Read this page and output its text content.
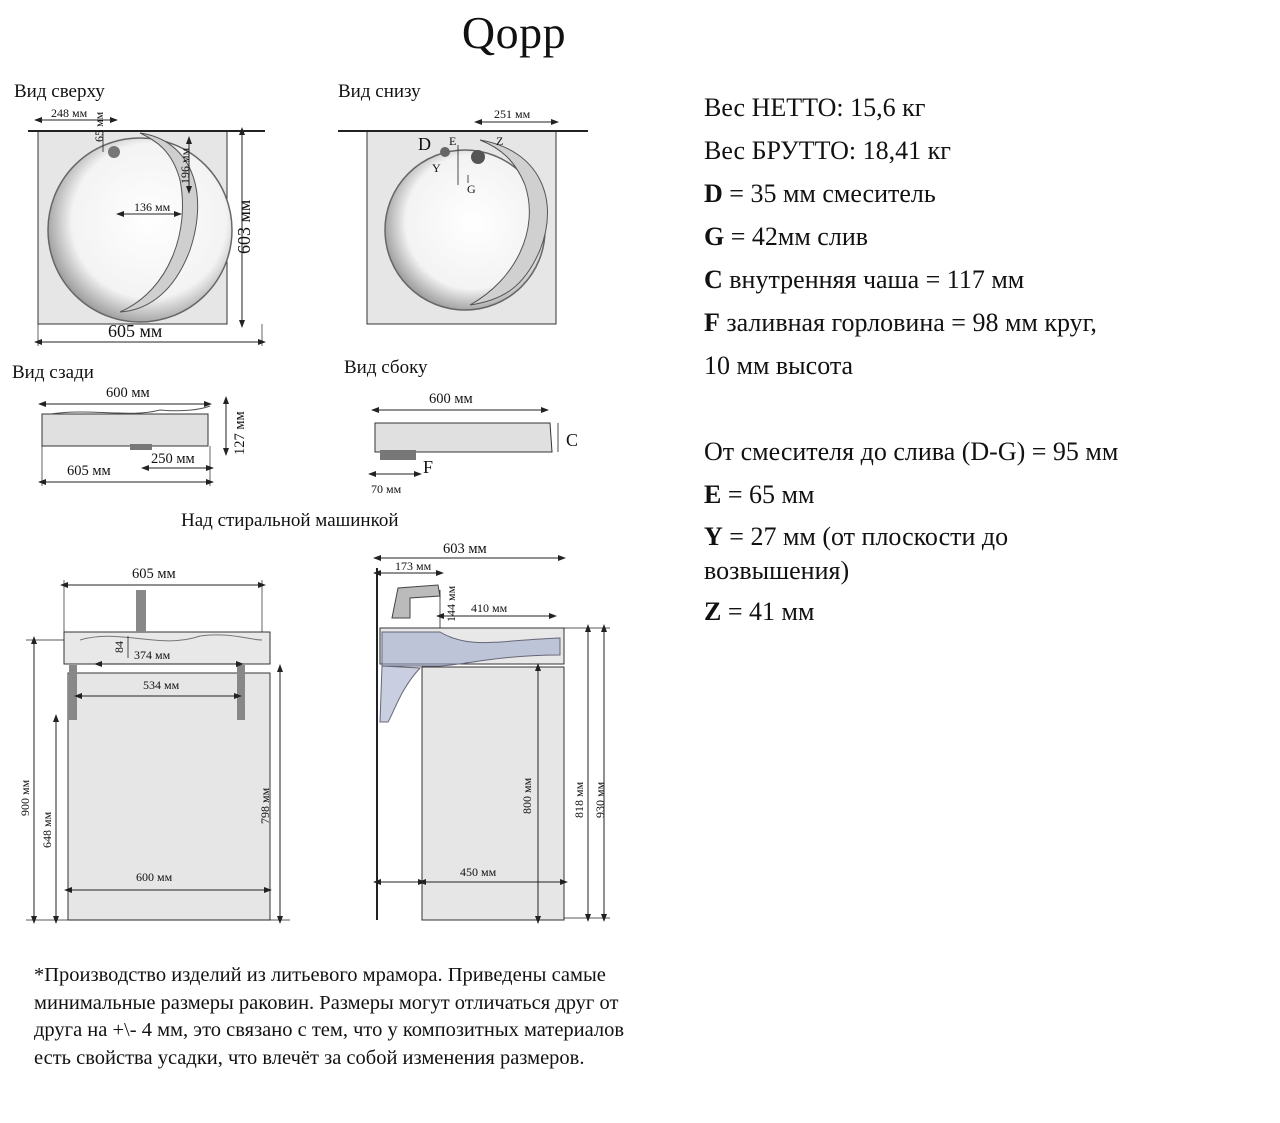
Qopp
Вид сверху	Вид снизу
Вид сзади	Вид сбоку
Над стиральной машинкой
248 мм 65 мм
196 мм
136 мм	603 мм
605 мм
251 мм
D E
Y
Z
G
600 мм
127 мм
250 мм
605 мм
600 мм
C
F
70 мм
605 мм
84
374 мм
534 мм
900 мм
648 мм
798 мм
600 мм
603 мм
173 мм
144 мм 410 мм
800 мм	818 мм 930 мм
450 мм
Вес НЕТТО: 15,6 кг
Вес БРУТТО: 18,41 кг
D = 35 мм смеситель
G = 42мм слив
С внутренняя чаша = 117 мм
F заливная горловина = 98 мм круг,
10 мм высота
От смесителя до слива (D-G) = 95 мм
E = 65 мм
Y = 27 мм (от плоскости до
возвышения)
Z = 41 мм
*Производство изделий из литьевого мрамора. Приведены самые
минимальные размеры раковин. Размеры могут отличаться друг от
друга на +\- 4 мм, это связано с тем, что у композитных материалов
есть свойства усадки, что влечёт за собой изменения размеров.
